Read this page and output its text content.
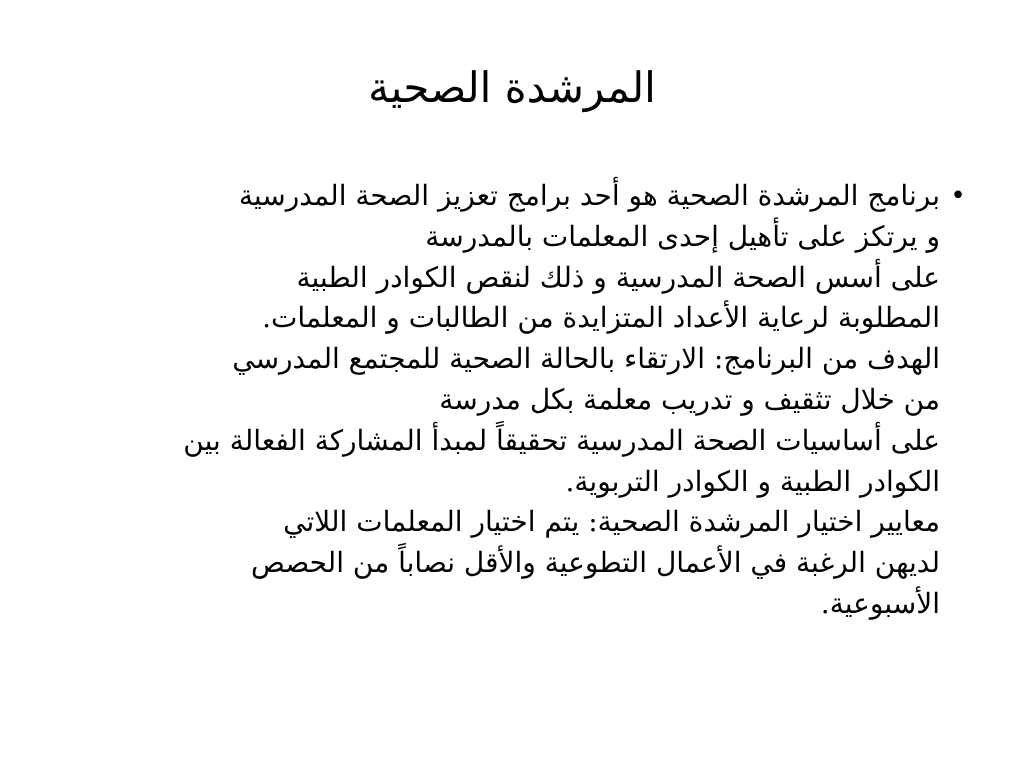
المرشدة الصحية
•
برنامج المرشدة الصحية هو أحد برامج تعزيز الصحة المدرسية
و يرتكز على تأهيل إحدى المعلمات بالمدرسة
على أسس الصحة المدرسية و ذلك لنقص الكوادر الطبية
المطلوبة لرعاية الأعداد المتزايدة من الطالبات و المعلمات.
الهدف من البرنامج: الارتقاء بالحالة الصحية للمجتمع المدرسي
من خلال تثقيف و تدريب معلمة بكل مدرسة
على أساسيات الصحة المدرسية تحقيقاً لمبدأ المشاركة الفعالة بين
الكوادر الطبية و الكوادر التربوية.
معايير اختيار المرشدة الصحية: يتم اختيار المعلمات اللاتي
لديهن الرغبة في الأعمال التطوعية والأقل نصاباً من الحصص
الأسبوعية.
